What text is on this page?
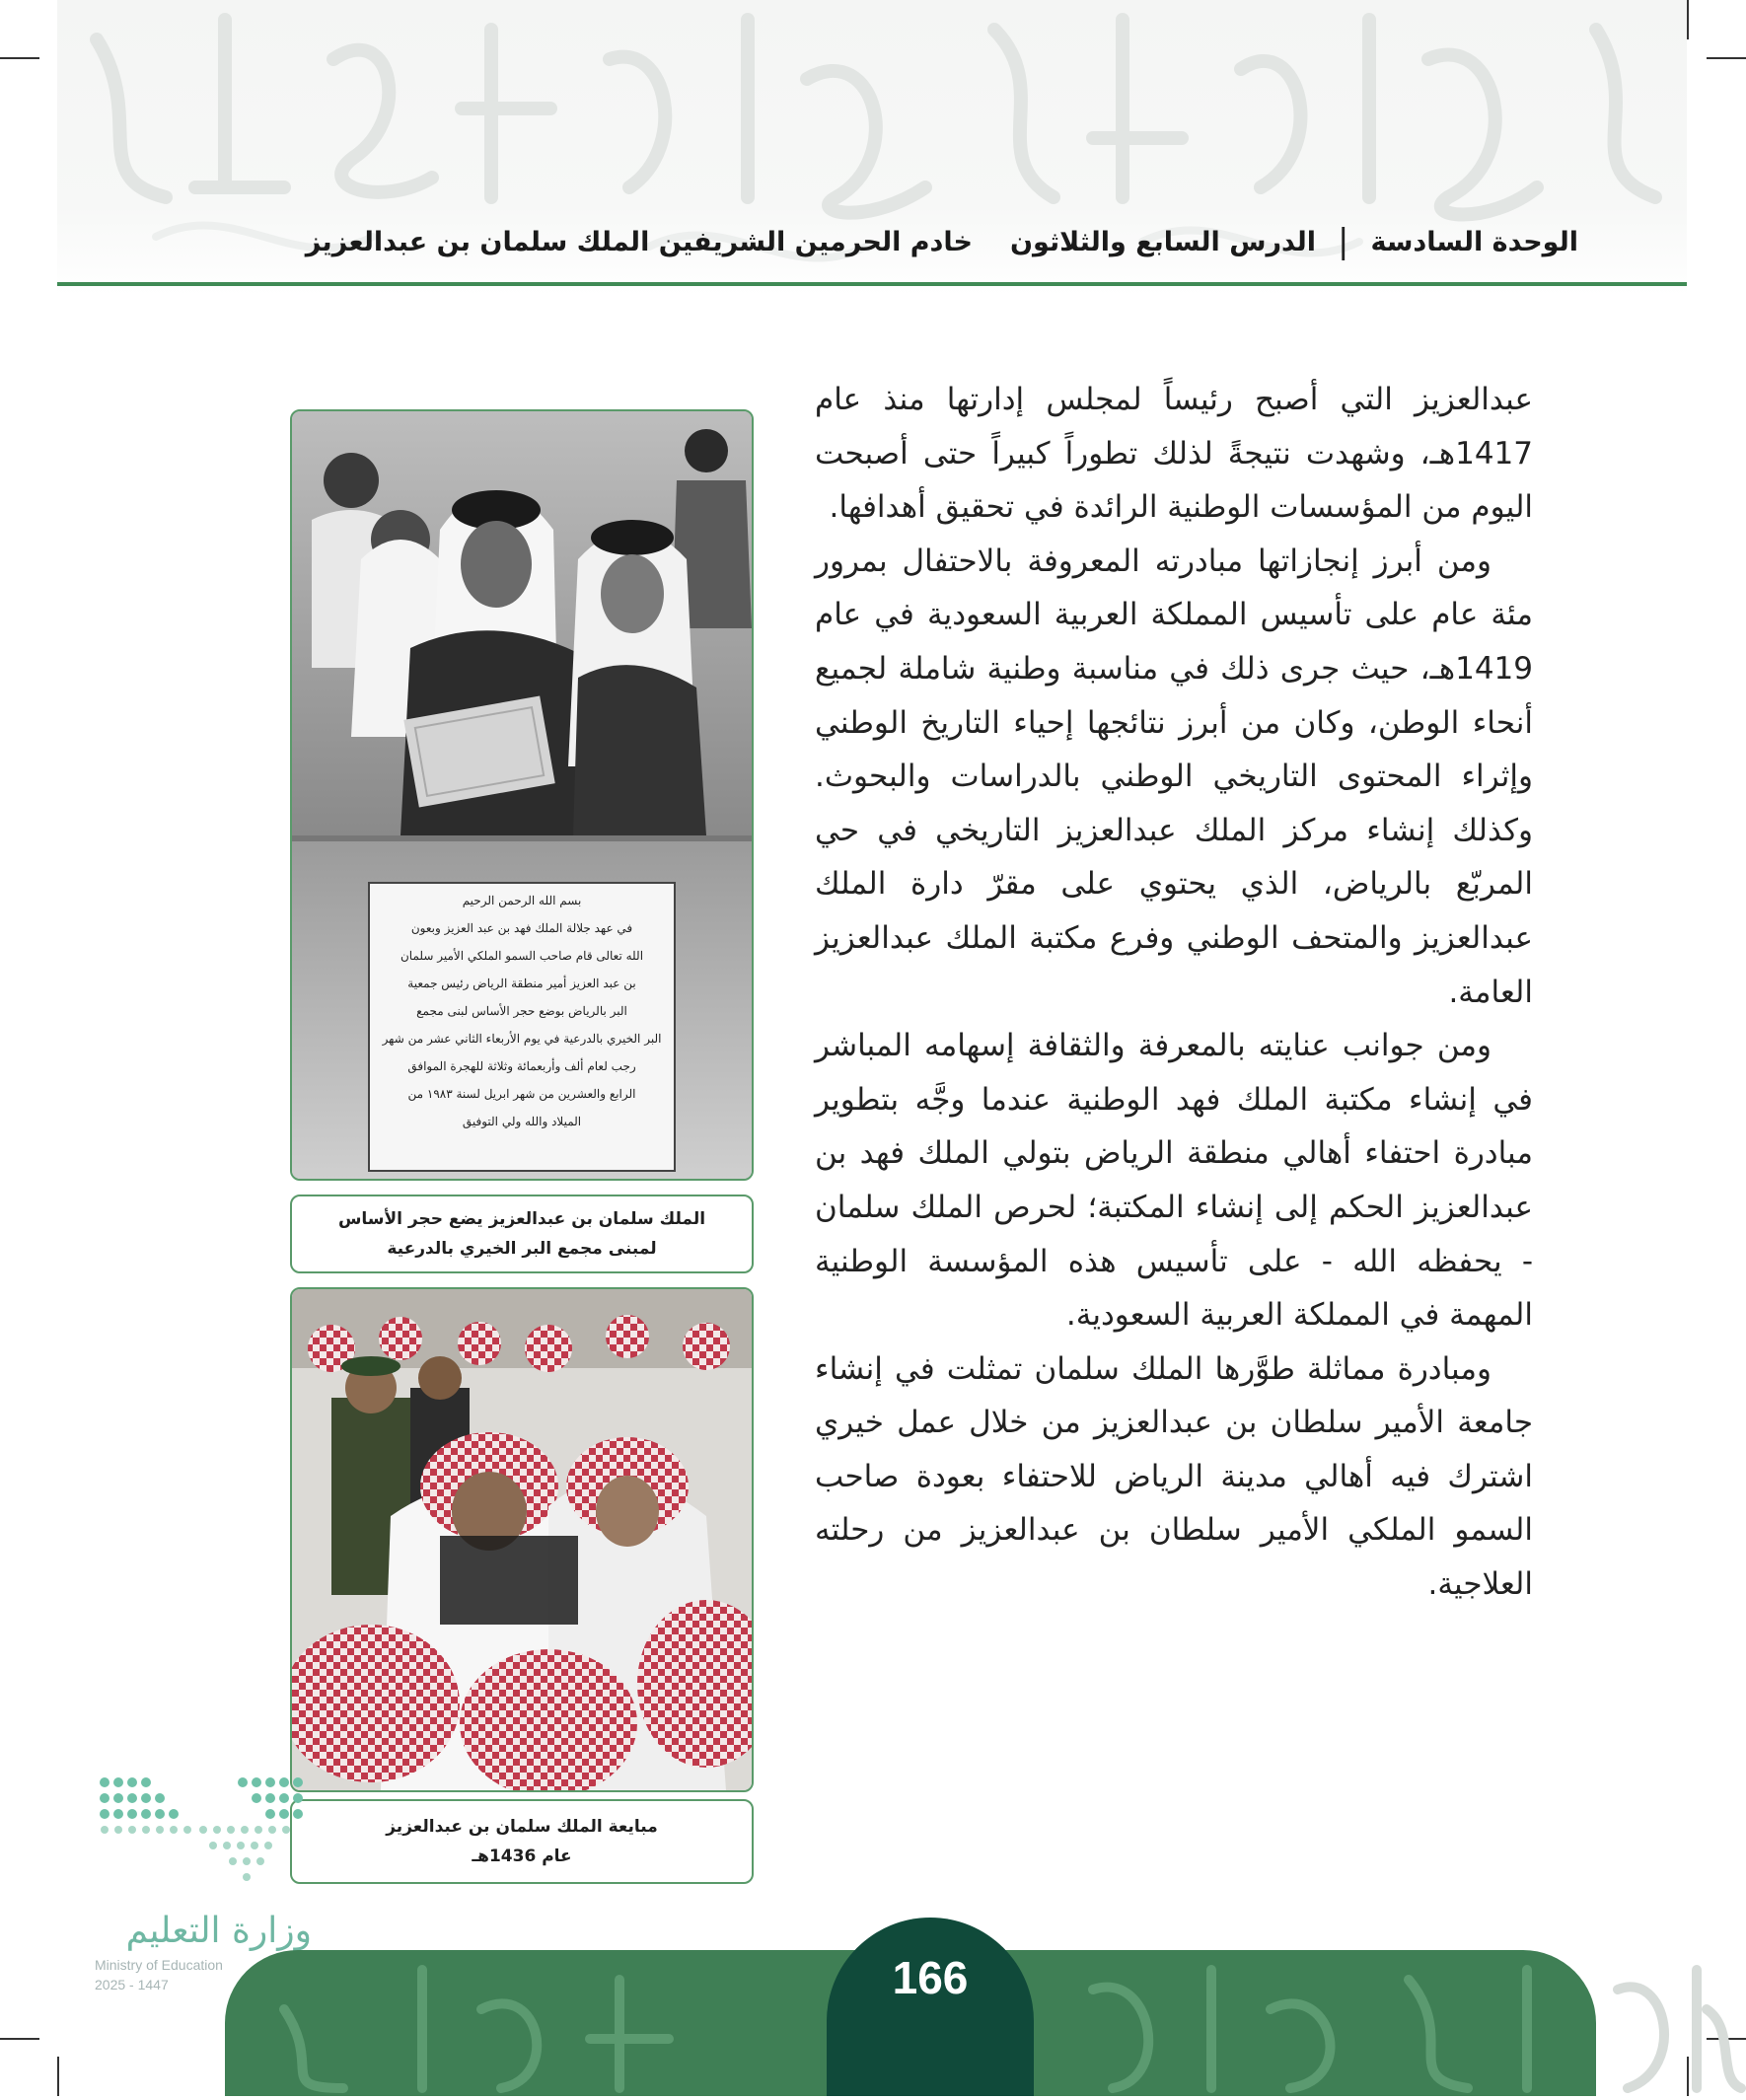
الوحدة السادسة
|
الدرس السابع والثلاثون
خادم الحرمين الشريفين الملك سلمان بن عبدالعزيز

عبدالعزيز التي أصبح رئيساً لمجلس إدارتها منذ عام 1417هـ، وشهدت نتيجةً لذلك تطوراً كبيراً حتى أصبحت اليوم من المؤسسات الوطنية الرائدة في تحقيق أهدافها.

ومن أبرز إنجازاتها مبادرته المعروفة بالاحتفال بمرور مئة عام على تأسيس المملكة العربية السعودية في عام 1419هـ، حيث جرى ذلك في مناسبة وطنية شاملة لجميع أنحاء الوطن، وكان من أبرز نتائجها إحياء التاريخ الوطني وإثراء المحتوى التاريخي الوطني بالدراسات والبحوث. وكذلك إنشاء مركز الملك عبدالعزيز التاريخي في حي المربّع بالرياض، الذي يحتوي على مقرّ دارة الملك عبدالعزيز والمتحف الوطني وفرع مكتبة الملك عبدالعزيز العامة.

ومن جوانب عنايته بالمعرفة والثقافة إسهامه المباشر في إنشاء مكتبة الملك فهد الوطنية عندما وجَّه بتطوير مبادرة احتفاء أهالي منطقة الرياض بتولي الملك فهد بن عبدالعزيز الحكم إلى إنشاء المكتبة؛ لحرص الملك سلمان - يحفظه الله - على تأسيس هذه المؤسسة الوطنية المهمة في المملكة العربية السعودية.

ومبادرة مماثلة طوَّرها الملك سلمان تمثلت في إنشاء جامعة الأمير سلطان بن عبدالعزيز من خلال عمل خيري اشترك فيه أهالي مدينة الرياض للاحتفاء بعودة صاحب السمو الملكي الأمير سلطان بن عبدالعزيز من رحلته العلاجية.

بسم الله الرحمن الرحيم
في عهد جلالة الملك فهد بن عبد العزيز وبعون
الله تعالى قام صاحب السمو الملكي الأمير سلمان
بن عبد العزيز أمير منطقة الرياض رئيس جمعية
البر بالرياض بوضع حجر الأساس لبنى مجمع
البر الخيري بالدرعية في يوم الأربعاء الثاني عشر من شهر
رجب لعام ألف وأربعمائة وثلاثة للهجرة الموافق
الرابع والعشرين من شهر ابريل لسنة ١٩٨٣ من
الميلاد والله ولي التوفيق
الملك سلمان بن عبدالعزيز يضع حجر الأساس
لمبنى مجمع البر الخيري بالدرعية
مبايعة الملك سلمان بن عبدالعزيز
عام 1436هـ
وزارة التعليم
Ministry of Education
2025 - 1447	166
